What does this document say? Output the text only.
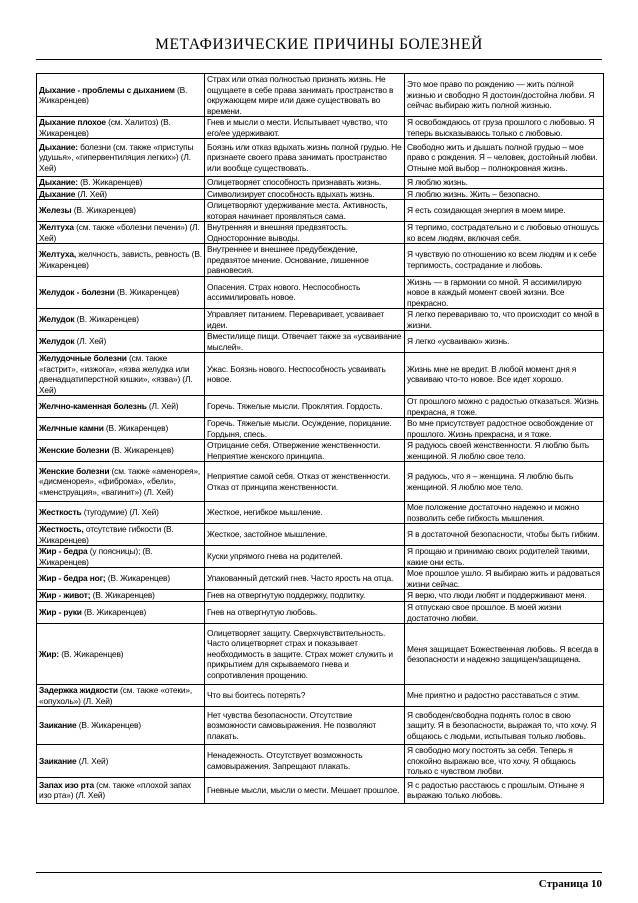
МЕТАФИЗИЧЕСКИЕ ПРИЧИНЫ БОЛЕЗНЕЙ
Дыхание - проблемы с дыханием (В. Жикаренцев)	Страх или отказ полностью признать жизнь. Не ощущаете в себе права занимать пространство в окружающем мире или даже существовать во времени.	Это мое право по рождению — жить полной жизнью и свободно Я достоин/достойна любви. Я сейчас выбираю жить полной жизнью.
Дыхание плохое (см. Халитоз) (В. Жикаренцев)	Гнев и мысли о мести. Испытывает чувство, что его/ее удерживают.	Я освобождаюсь от груза прошлого с любовью. Я теперь высказываюсь только с любовью.
Дыхание: болезни (см. также «приступы удушья», «гипервентиляция легких») (Л. Хей)	Боязнь или отказ вдыхать жизнь полной грудью. Не признаете своего права занимать пространство или вообще существовать.	Свободно жить и дышать полной грудью – мое право с рождения. Я – человек, достойный любви. Отныне мой выбор – полнокровная жизнь.
Дыхание: (В. Жикаренцев)	Олицетворяет способность признавать жизнь.	Я люблю жизнь.
Дыхание (Л. Хей)	Символизирует способность вдыхать жизнь.	Я люблю жизнь. Жить – безопасно.
Железы (В. Жикаренцев)	Олицетворяют удерживание места. Активность, которая начинает проявляться сама.	Я есть созидающая энергия в моем мире.
Желтуха (см. также «болезни печени») (Л. Хей)	Внутренняя и внешняя предвзятость. Односторонние выводы.	Я терпимо, сострадательно и с любовью отношусь ко всем людям, включая себя.
Желтуха, желчность, зависть, ревность (В. Жикаренцев)	Внутреннее и внешнее предубеждение, предвзятое мнение. Основание, лишенное равновесия.	Я чувствую по отношению ко всем людям и к себе терпимость, сострадание и любовь.
Желудок - болезни (В. Жикаренцев)	Опасения. Страх нового. Неспособность ассимилировать новое.	Жизнь — в гармонии со мной. Я ассимилирую новое в каждый момент своей жизни. Все прекрасно.
Желудок (В. Жикаренцев)	Управляет питанием. Переваривает, усваивает идеи.	Я легко перевариваю то, что происходит со мной в жизни.
Желудок (Л. Хей)	Вместилище пищи. Отвечает также за «усваивание мыслей».	Я легко «усваиваю» жизнь.
Желудочные болезни (см. также «гастрит», «изжога», «язва желудка или двенадцатиперстной кишки», «язва») (Л. Хей)	Ужас. Боязнь нового. Неспособность усваивать новое.	Жизнь мне не вредит. В любой момент дня я усваиваю что-то новое. Все идет хорошо.
Желчно-каменная болезнь (Л. Хей)	Горечь. Тяжелые мысли. Проклятия. Гордость.	От прошлого можно с радостью отказаться. Жизнь прекрасна, я тоже.
Желчные камни (В. Жикаренцев)	Горечь. Тяжелые мысли. Осуждение, порицание. Гордыня, спесь.	Во мне присутствует радостное освобождение от прошлого. Жизнь прекрасна, и я тоже.
Женские болезни (В. Жикаренцев)	Отрицание себя. Отвержение женственности. Неприятие женского принципа.	Я радуюсь своей женственности. Я люблю быть женщиной. Я люблю свое тело.
Женские болезни (см. также «аменорея», «дисменорея», «фиброма», «бели», «менструация», «вагинит») (Л. Хей)	Неприятие самой себя. Отказ от женственности. Отказ от принципа женственности.	Я радуюсь, что я – женщина. Я люблю быть женщиной. Я люблю мое тело.
Жесткость (тугодумие) (Л. Хей)	Жесткое, негибкое мышление.	Мое положение достаточно надежно и можно позволить себе гибкость мышления.
Жесткость, отсутствие гибкости (В. Жикаренцев)	Жесткое, застойное мышление.	Я в достаточной безопасности, чтобы быть гибким.
Жир - бедра (у поясницы); (В. Жикаренцев)	Куски упрямого гнева на родителей.	Я прощаю и принимаю своих родителей такими, какие они есть.
Жир - бедра ног; (В. Жикаренцев)	Упакованный детский гнев. Часто ярость на отца.	Мое прошлое ушло. Я выбираю жить и радоваться жизни сейчас.
Жир - живот; (В. Жикаренцев)	Гнев на отвергнутую поддержку, подпитку.	Я верю, что люди любят и поддерживают меня.
Жир - руки (В. Жикаренцев)	Гнев на отвергнутую любовь.	Я отпускаю свое прошлое. В моей жизни достаточно любви.
Жир: (В. Жикаренцев)	Олицетворяет защиту. Сверхчувствительность. Часто олицетворяет страх и показывает необходимость в защите. Страх может служить и прикрытием для скрываемого гнева и сопротивления прощению.	Меня защищает Божественная любовь. Я всегда в безопасности и надежно защищен/защищена.
Задержка жидкости (см. также «отеки», «опухоль») (Л. Хей)	Что вы боитесь потерять?	Мне приятно и радостно расставаться с этим.
Заикание (В. Жикаренцев)	Нет чувства безопасности. Отсутствие возможности самовыражения. Не позволяют плакать.	Я свободен/свободна поднять голос в свою защиту. Я в безопасности, выражая то, что хочу. Я общаюсь с людьми, испытывая только любовь.
Заикание (Л. Хей)	Ненадежность. Отсутствует возможность самовыражения. Запрещают плакать.	Я свободно могу постоять за себя. Теперь я спокойно выражаю все, что хочу. Я общаюсь только с чувством любви.
Запах изо рта (см. также «плохой запах изо рта») (Л. Хей)	Гневные мысли, мысли о мести. Мешает прошлое.	Я с радостью расстаюсь с прошлым. Отныне я выражаю только любовь.
Страница 10
